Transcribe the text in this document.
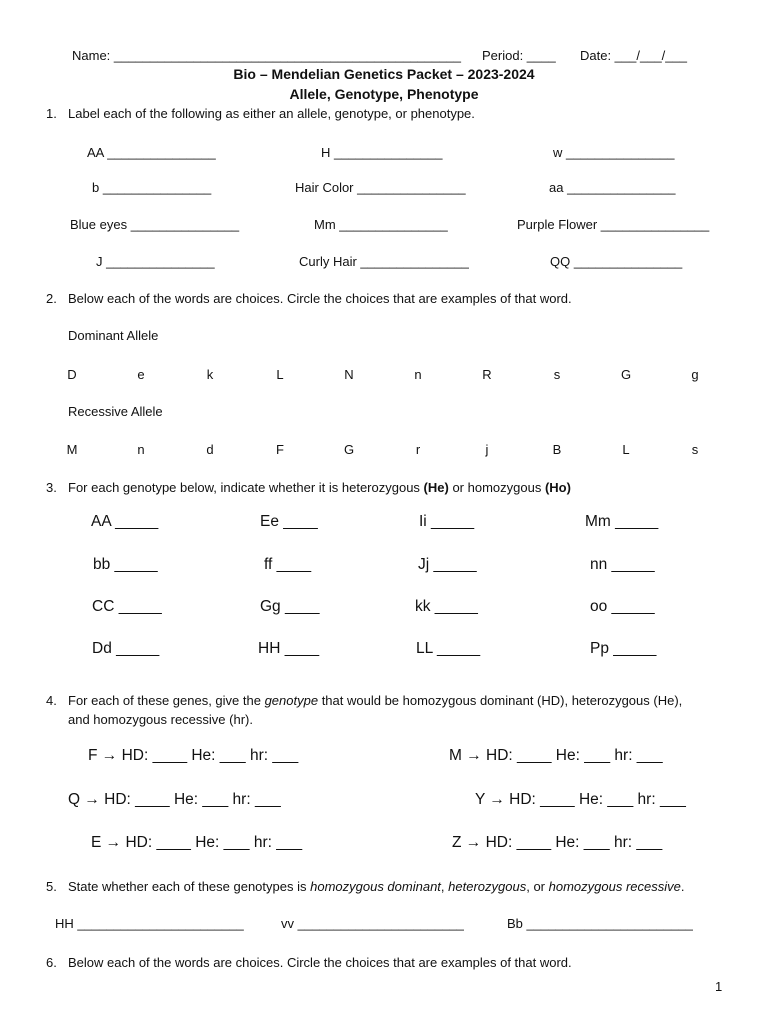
Name: ________________________________________________ Period: ____ Date: ___/___/___
Bio – Mendelian Genetics Packet – 2023-2024
Allele, Genotype, Phenotype
1. Label each of the following as either an allele, genotype, or phenotype.
AA _______________	H _______________	w _______________
b _______________	Hair Color _______________	aa _______________
Blue eyes _______________	Mm _______________	Purple Flower _______________
J _______________	Curly Hair _______________	QQ _______________
2. Below each of the words are choices. Circle the choices that are examples of that word.
Dominant Allele
D	e	k	L	N	n	R	s	G	g
Recessive Allele
M	n	d	F	G	r	j	B	L	s
3. For each genotype below, indicate whether it is heterozygous (He) or homozygous (Ho)
AA _____	Ee ____	Ii _____	Mm _____
bb _____	ff ____	Jj _____	nn _____
CC _____	Gg ____	kk _____	oo _____
Dd _____	HH ____	LL _____	Pp _____
4. For each of these genes, give the genotype that would be homozygous dominant (HD), heterozygous (He),
and homozygous recessive (hr).
F → HD: ____ He: ___ hr: ___	M → HD: ____ He: ___ hr: ___
Q → HD: ____ He: ___ hr: ___	Y → HD: ____ He: ___ hr: ___
E → HD: ____ He: ___ hr: ___	Z → HD: ____ He: ___ hr: ___
5. State whether each of these genotypes is homozygous dominant, heterozygous, or homozygous recessive.
HH _______________________	vv _______________________	Bb _______________________
6. Below each of the words are choices. Circle the choices that are examples of that word.
1
